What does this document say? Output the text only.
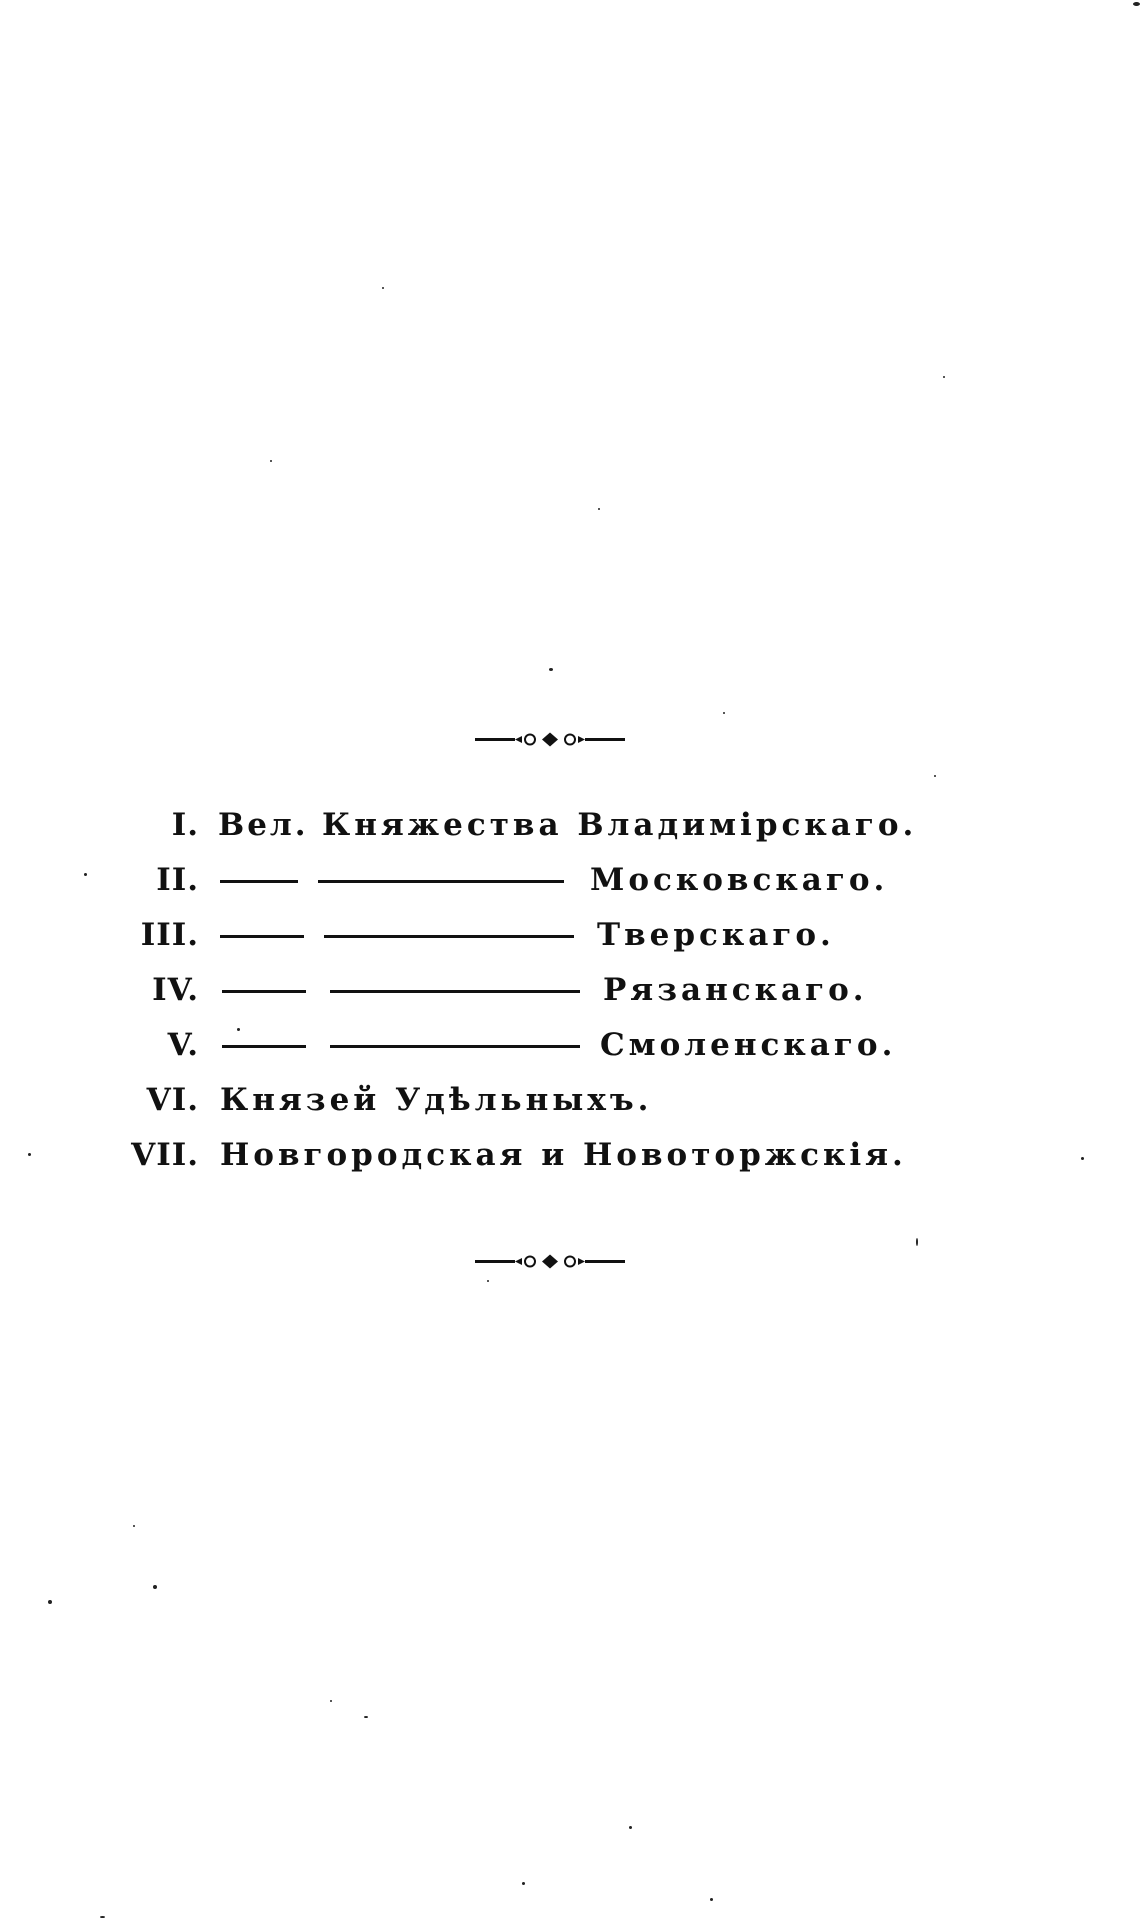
I. Вел. Княжества Владимірскаго.
II.	Московскаго.
III.	Тверскаго.
IV.	Рязанскаго.
V.	Смоленскаго.
VI. Князей Удѣльныхъ.
VII. Новгородская и Новоторжскія.
